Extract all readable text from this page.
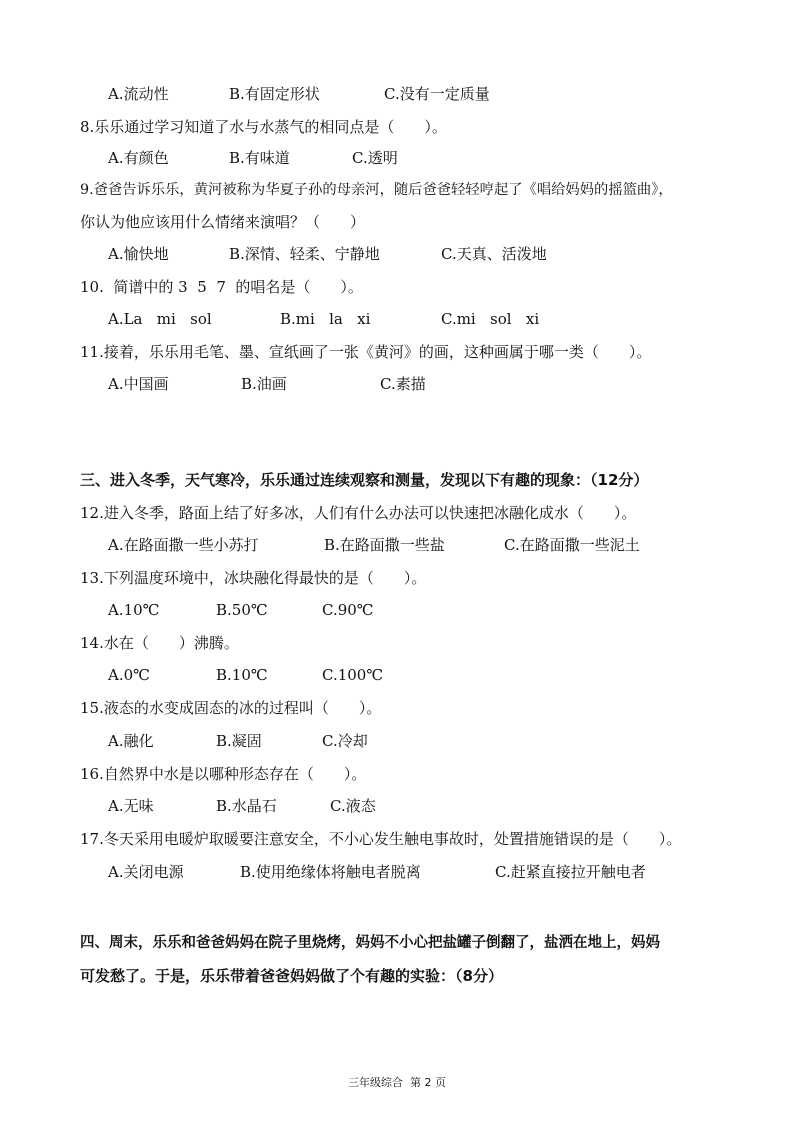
A.流动性	B.有固定形状	C.没有一定质量
8.乐乐通过学习知道了水与水蒸气的相同点是（　　）。
A.有颜色	B.有味道	C.透明
9.爸爸告诉乐乐，黄河被称为华夏子孙的母亲河，随后爸爸轻轻哼起了《唱给妈妈的摇篮曲》，
你认为他应该用什么情绪来演唱？（　　）
A.愉快地	B.深情、轻柔、宁静地	C.天真、活泼地
10.  简谱中的 3  5  7  的唱名是（　　）。
A.La   mi   sol	B.mi   la   xi	C.mi   sol   xi
11.接着，乐乐用毛笔、墨、宣纸画了一张《黄河》的画，这种画属于哪一类（　　）。
A.中国画	B.油画	C.素描
三、进入冬季，天气寒冷，乐乐通过连续观察和测量，发现以下有趣的现象：（12分）
12.进入冬季，路面上结了好多冰，人们有什么办法可以快速把冰融化成水（　　）。
A.在路面撒一些小苏打	B.在路面撒一些盐	C.在路面撒一些泥土
13.下列温度环境中，冰块融化得最快的是（　　）。
A.10℃	B.50℃	C.90℃
14.水在（　　）沸腾。
A.0℃	B.10℃	C.100℃
15.液态的水变成固态的冰的过程叫（　　）。
A.融化	B.凝固	C.冷却
16.自然界中水是以哪种形态存在（　　）。
A.无味	B.水晶石	C.液态
17.冬天采用电暖炉取暖要注意安全，不小心发生触电事故时，处置措施错误的是（　　）。
A.关闭电源	B.使用绝缘体将触电者脱离	C.赶紧直接拉开触电者
四、周末，乐乐和爸爸妈妈在院子里烧烤，妈妈不小心把盐罐子倒翻了，盐洒在地上，妈妈
可发愁了。于是，乐乐带着爸爸妈妈做了个有趣的实验：（8分）
三年级综合  第 2 页
